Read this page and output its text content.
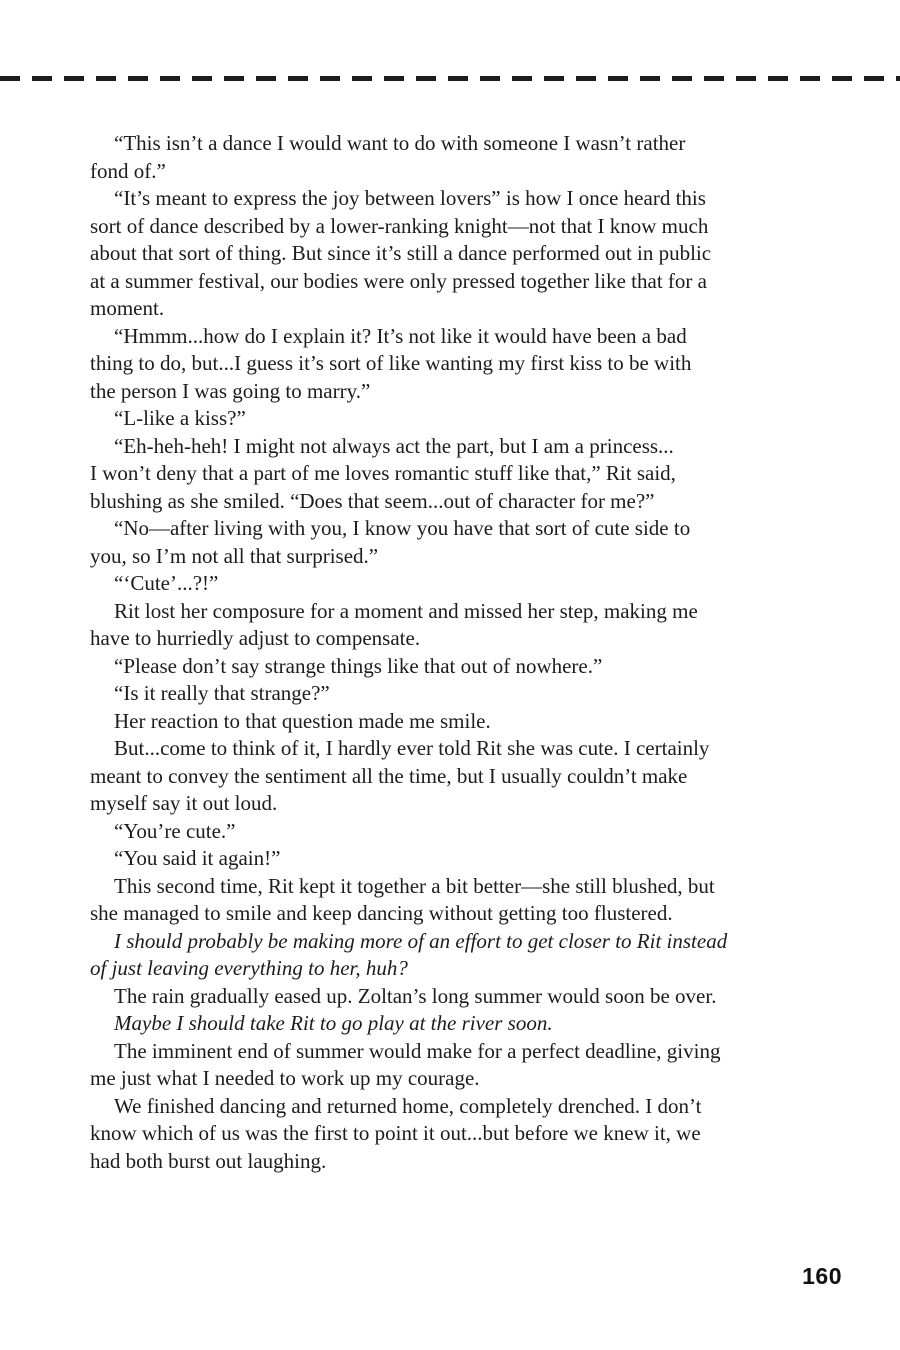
“This isn’t a dance I would want to do with someone I wasn’t rather
fond of.”

“It’s meant to express the joy between lovers” is how I once heard this
sort of dance described by a lower-ranking knight—not that I know much
about that sort of thing. But since it’s still a dance performed out in public
at a summer festival, our bodies were only pressed together like that for a
moment.

“Hmmm...how do I explain it? It’s not like it would have been a bad
thing to do, but...I guess it’s sort of like wanting my first kiss to be with
the person I was going to marry.”

“L-like a kiss?”

“Eh-heh-heh! I might not always act the part, but I am a princess...
I won’t deny that a part of me loves romantic stuff like that,” Rit said,
blushing as she smiled. “Does that seem...out of character for me?”

“No—after living with you, I know you have that sort of cute side to
you, so I’m not all that surprised.”

“‘Cute’...?!”

Rit lost her composure for a moment and missed her step, making me
have to hurriedly adjust to compensate.

“Please don’t say strange things like that out of nowhere.”

“Is it really that strange?”

Her reaction to that question made me smile.

But...come to think of it, I hardly ever told Rit she was cute. I certainly
meant to convey the sentiment all the time, but I usually couldn’t make
myself say it out loud.

“You’re cute.”

“You said it again!”

This second time, Rit kept it together a bit better—she still blushed, but
she managed to smile and keep dancing without getting too flustered.

I should probably be making more of an effort to get closer to Rit instead
of just leaving everything to her, huh?

The rain gradually eased up. Zoltan’s long summer would soon be over.

Maybe I should take Rit to go play at the river soon.

The imminent end of summer would make for a perfect deadline, giving
me just what I needed to work up my courage.

We finished dancing and returned home, completely drenched. I don’t
know which of us was the first to point it out...but before we knew it, we
had both burst out laughing.

160
